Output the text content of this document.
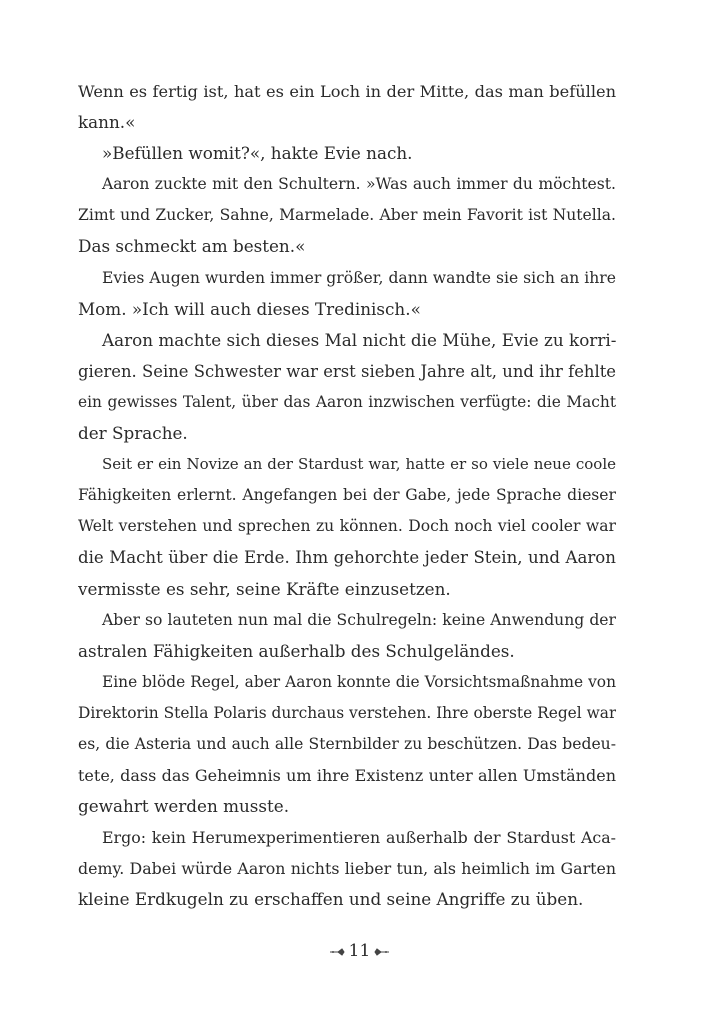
Wenn es fertig ist, hat es ein Loch in der Mitte, das man befüllen
kann.«
»Befüllen womit?«, hakte Evie nach.
Aaron zuckte mit den Schultern. »Was auch immer du möchtest.
Zimt und Zucker, Sahne, Marmelade. Aber mein Favorit ist Nutella.
Das schmeckt am besten.«
Evies Augen wurden immer größer, dann wandte sie sich an ihre
Mom. »Ich will auch dieses Tredinisch.«
Aaron machte sich dieses Mal nicht die Mühe, Evie zu korri-
gieren. Seine Schwester war erst sieben Jahre alt, und ihr fehlte
ein gewisses Talent, über das Aaron inzwischen verfügte: die Macht
der Sprache.
Seit er ein Novize an der Stardust war, hatte er so viele neue coole
Fähigkeiten erlernt. Angefangen bei der Gabe, jede Sprache dieser
Welt verstehen und sprechen zu können. Doch noch viel cooler war
die Macht über die Erde. Ihm gehorchte jeder Stein, und Aaron
vermisste es sehr, seine Kräfte einzusetzen.
Aber so lauteten nun mal die Schulregeln: keine Anwendung der
astralen Fähigkeiten außerhalb des Schulgeländes.
Eine blöde Regel, aber Aaron konnte die Vorsichtsmaßnahme von
Direktorin Stella Polaris durchaus verstehen. Ihre oberste Regel war
es, die Asteria und auch alle Sternbilder zu beschützen. Das bedeu-
tete, dass das Geheimnis um ihre Existenz unter allen Umständen
gewahrt werden musste.
Ergo: kein Herumexperimentieren außerhalb der Stardust Aca-
demy. Dabei würde Aaron nichts lieber tun, als heimlich im Garten
kleine Erdkugeln zu erschaffen und seine Angriffe zu üben.
11
